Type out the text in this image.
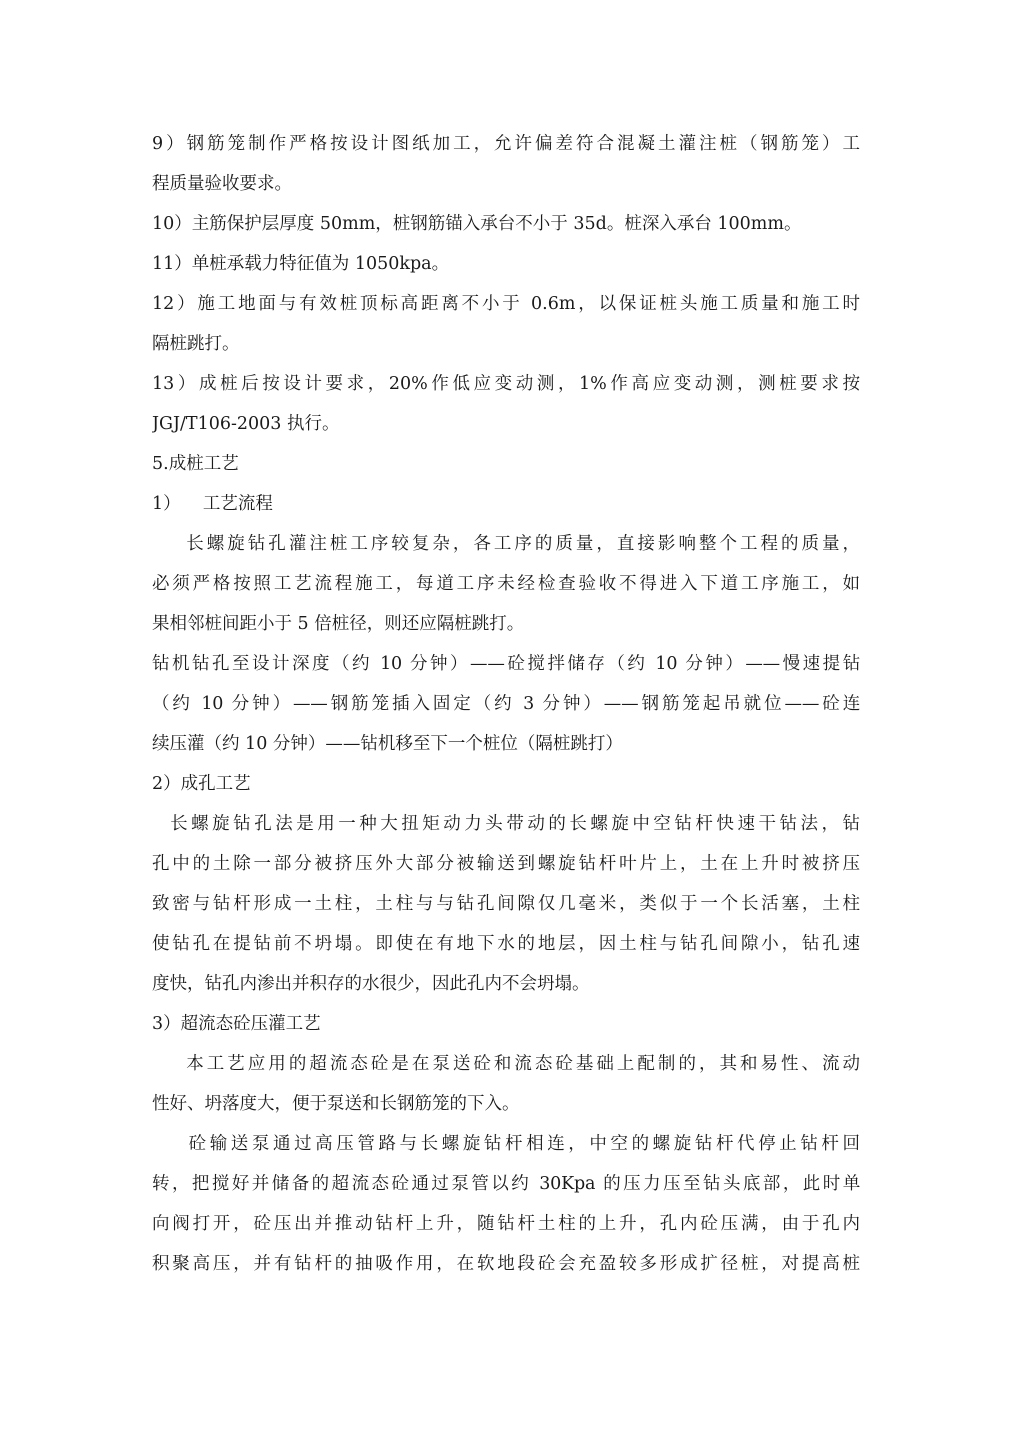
9）钢筋笼制作严格按设计图纸加工，允许偏差符合混凝土灌注桩（钢筋笼）工
程质量验收要求。
10）主筋保护层厚度 50mm，桩钢筋锚入承台不小于 35d。桩深入承台 100mm。
11）单桩承载力特征值为 1050kpa。
12）施工地面与有效桩顶标高距离不小于 0.6m，以保证桩头施工质量和施工时
隔桩跳打。
13）成桩后按设计要求，20%作低应变动测，1%作高应变动测，测桩要求按
JGJ/T106-2003 执行。
5.成桩工艺
1）    工艺流程
长螺旋钻孔灌注桩工序较复杂，各工序的质量，直接影响整个工程的质量，
必须严格按照工艺流程施工，每道工序未经检查验收不得进入下道工序施工，如
果相邻桩间距小于 5 倍桩径，则还应隔桩跳打。
钻机钻孔至设计深度（约 10 分钟）——砼搅拌储存（约 10 分钟）——慢速提钻
（约 10 分钟）——钢筋笼插入固定（约 3 分钟）——钢筋笼起吊就位——砼连
续压灌（约 10 分钟）——钻机移至下一个桩位（隔桩跳打）
2）成孔工艺
长螺旋钻孔法是用一种大扭矩动力头带动的长螺旋中空钻杆快速干钻法，钻
孔中的土除一部分被挤压外大部分被输送到螺旋钻杆叶片上，土在上升时被挤压
致密与钻杆形成一土柱，土柱与与钻孔间隙仅几毫米，类似于一个长活塞，土柱
使钻孔在提钻前不坍塌。即使在有地下水的地层，因土柱与钻孔间隙小，钻孔速
度快，钻孔内渗出并积存的水很少，因此孔内不会坍塌。
3）超流态砼压灌工艺
本工艺应用的超流态砼是在泵送砼和流态砼基础上配制的，其和易性、流动
性好、坍落度大，便于泵送和长钢筋笼的下入。
砼输送泵通过高压管路与长螺旋钻杆相连，中空的螺旋钻杆代停止钻杆回
转，把搅好并储备的超流态砼通过泵管以约 30Kpa 的压力压至钻头底部，此时单
向阀打开，砼压出并推动钻杆上升，随钻杆土柱的上升，孔内砼压满，由于孔内
积聚高压，并有钻杆的抽吸作用，在软地段砼会充盈较多形成扩径桩，对提高桩
